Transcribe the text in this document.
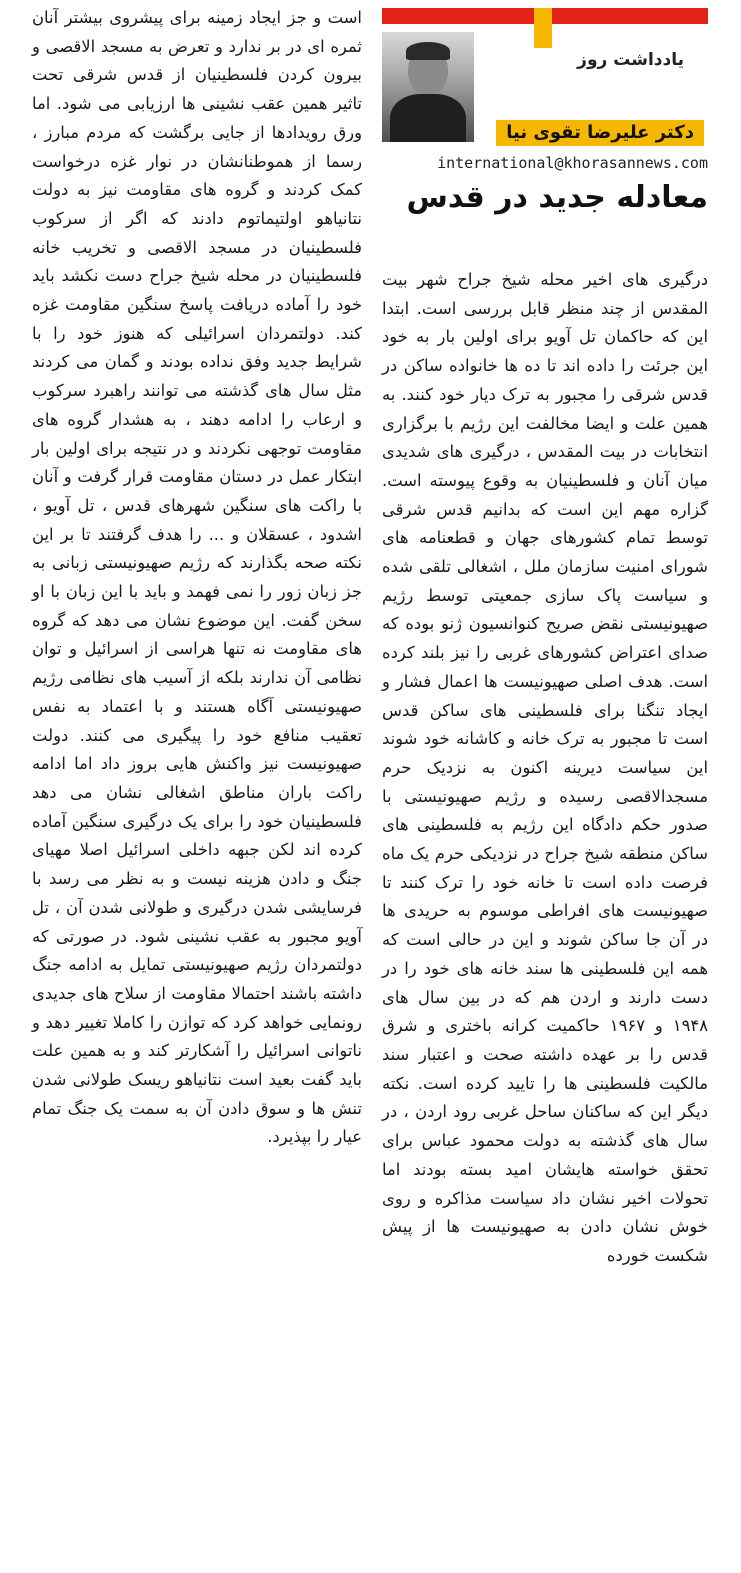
یادداشت روز
دکتر علیرضا تقوی نیا
international@khorasannews.com
معادله جدید در قدس

درگیری های اخیر محله شیخ جراح شهر بیت المقدس از چند منظر قابل بررسی است. ابتدا این که حاکمان تل آویو برای اولین بار به خود این جرئت را داده اند تا ده ها خانواده ساکن در قدس شرقی را مجبور به ترک دیار خود کنند. به همین علت و ایضا مخالفت این رژیم با برگزاری انتخابات در بیت المقدس ، درگیری های شدیدی میان آنان و فلسطینیان به وقوع پیوسته است. گزاره مهم این است که بدانیم قدس شرقی توسط تمام کشورهای جهان و قطعنامه های شورای امنیت سازمان ملل ، اشغالی تلقی شده و سیاست پاک سازی جمعیتی توسط رژیم صهیونیستی نقض صریح کنوانسیون ژنو بوده که صدای اعتراض کشورهای غربی را نیز بلند کرده است. هدف اصلی صهیونیست ها اعمال فشار و ایجاد تنگنا برای فلسطینی های ساکن قدس است تا مجبور به ترک خانه و کاشانه خود شوند این سیاست دیرینه اکنون به نزدیک حرم مسجدالاقصی رسیده و رژیم صهیونیستی با صدور حکم دادگاه این رژیم به فلسطینی های ساکن منطقه شیخ جراح در نزدیکی حرم یک ماه فرصت داده است تا خانه خود را ترک کنند تا صهیونیست های افراطی موسوم به حریدی ها در آن جا ساکن شوند و این در حالی است که همه این فلسطینی ها سند خانه های خود را در دست دارند و اردن هم که در بین سال های ۱۹۴۸ و ۱۹۶۷ حاکمیت کرانه باختری و شرق قدس را بر عهده داشته صحت و اعتبار سند مالکیت فلسطینی ها را تایید کرده است. نکته دیگر این که ساکنان ساحل غربی رود اردن ، در سال های گذشته به دولت محمود عباس برای تحقق خواسته هایشان امید بسته بودند اما تحولات اخیر نشان داد سیاست مذاکره و روی خوش نشان دادن به صهیونیست ها از پیش شکست خورده

است و جز ایجاد زمینه برای پیشروی بیشتر آنان ثمره ای در بر ندارد و تعرض به مسجد الاقصی و بیرون کردن فلسطینیان از قدس شرقی تحت تاثیر همین عقب نشینی ها ارزیابی می شود. اما ورق رویدادها از جایی برگشت که مردم مبارز ، رسما از هموطنانشان در نوار غزه درخواست کمک کردند و گروه های مقاومت نیز به دولت نتانیاهو اولتیماتوم دادند که اگر از سرکوب فلسطینیان در مسجد الاقصی و تخریب خانه فلسطینیان در محله شیخ جراح دست نکشد باید خود را آماده دریافت پاسخ سنگین مقاومت غزه کند. دولتمردان اسرائیلی که هنوز خود را با شرایط جدید وفق نداده بودند و گمان می کردند مثل سال های گذشته می توانند راهبرد سرکوب و ارعاب را ادامه دهند ، به هشدار گروه های مقاومت توجهی نکردند و در نتیجه برای اولین بار ابتکار عمل در دستان مقاومت قرار گرفت و آنان با راکت های سنگین شهرهای قدس ، تل آویو ، اشدود ، عسقلان و ... را هدف گرفتند تا بر این نکته صحه بگذارند که رژیم صهیونیستی زبانی به جز زبان زور را نمی فهمد و باید با این زبان با او سخن گفت. این موضوع نشان می دهد که گروه های مقاومت نه تنها هراسی از اسرائیل و توان نظامی آن ندارند بلکه از آسیب های نظامی رژیم صهیونیستی آگاه هستند و با اعتماد به نفس تعقیب منافع خود را پیگیری می کنند. دولت صهیونیست نیز واکنش هایی بروز داد اما ادامه راکت باران مناطق اشغالی نشان می دهد فلسطینیان خود را برای یک درگیری سنگین آماده کرده اند لکن جبهه داخلی اسرائیل اصلا مهیای جنگ و دادن هزینه نیست و به نظر می رسد با فرسایشی شدن درگیری و طولانی شدن آن ، تل آویو مجبور به عقب نشینی شود. در صورتی که دولتمردان رژیم صهیونیستی تمایل به ادامه جنگ داشته باشند احتمالا مقاومت از سلاح های جدیدی رونمایی خواهد کرد که توازن را کاملا تغییر دهد و ناتوانی اسرائیل را آشکارتر کند و به همین علت باید گفت بعید است نتانیاهو ریسک طولانی شدن تنش ها و سوق دادن آن به سمت یک جنگ تمام عیار را بپذیرد.
